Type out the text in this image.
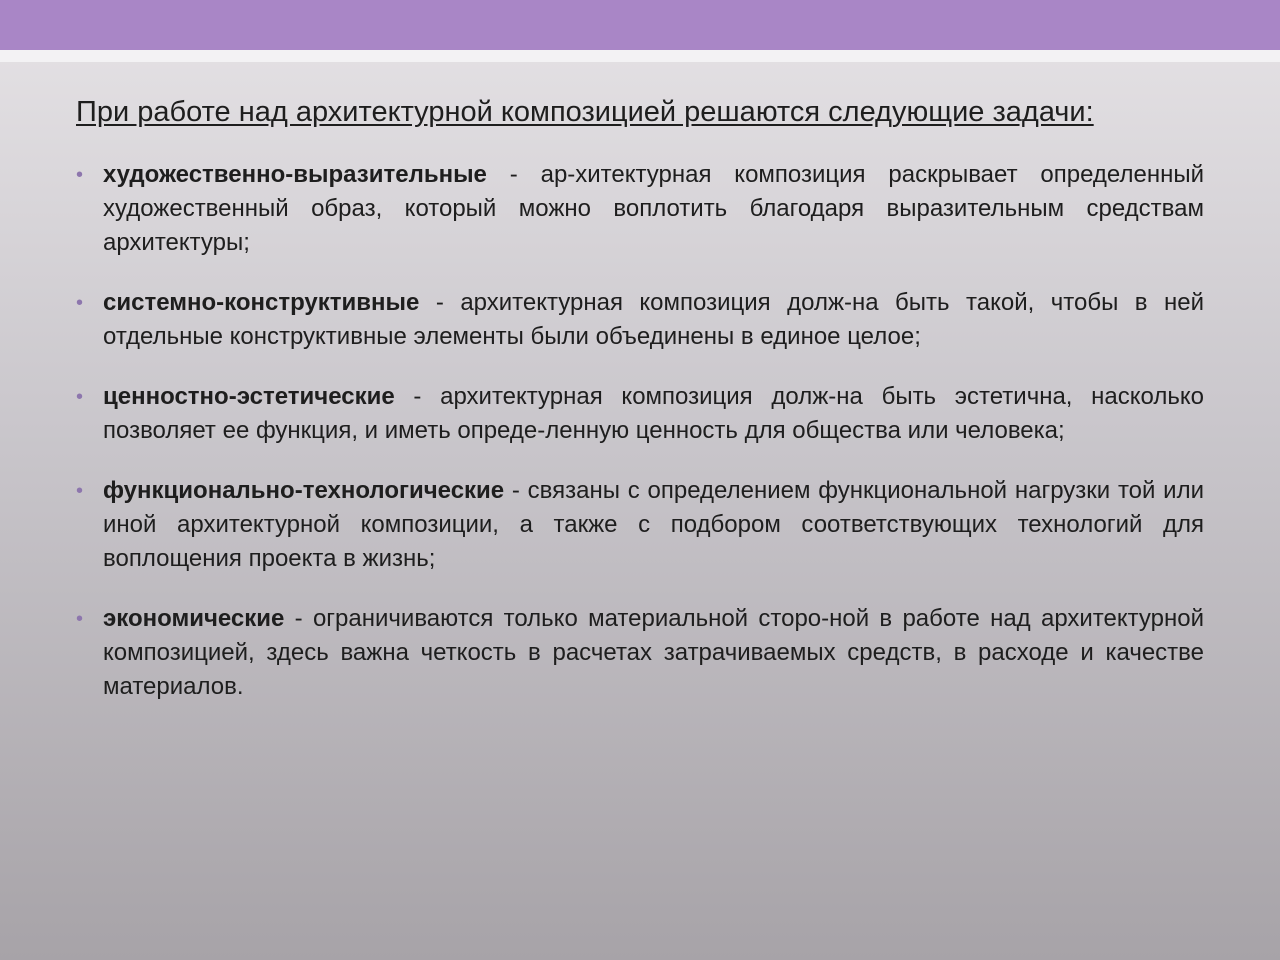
При работе над архитектурной композицией решаются следующие задачи:
• художественно-выразительные - ар-хитектурная композиция раскрывает определенный художественный образ, который можно воплотить благодаря выразительным средствам архитектуры;
• системно-конструктивные - архитектурная композиция долж-на быть такой, чтобы в ней отдельные конструктивные элементы были объединены в единое целое;
• ценностно-эстетические - архитектурная композиция долж-на быть эстетична, насколько позволяет ее функция, и иметь опреде-ленную ценность для общества или человека;
• функционально-технологические - связаны с определением функциональной нагрузки той или иной архитектурной композиции, а также с подбором соответствующих технологий для воплощения проекта в жизнь;
• экономические - ограничиваются только материальной сторо-ной в работе над архитектурной композицией, здесь важна четкость в расчетах затрачиваемых средств, в расходе и качестве материалов.
